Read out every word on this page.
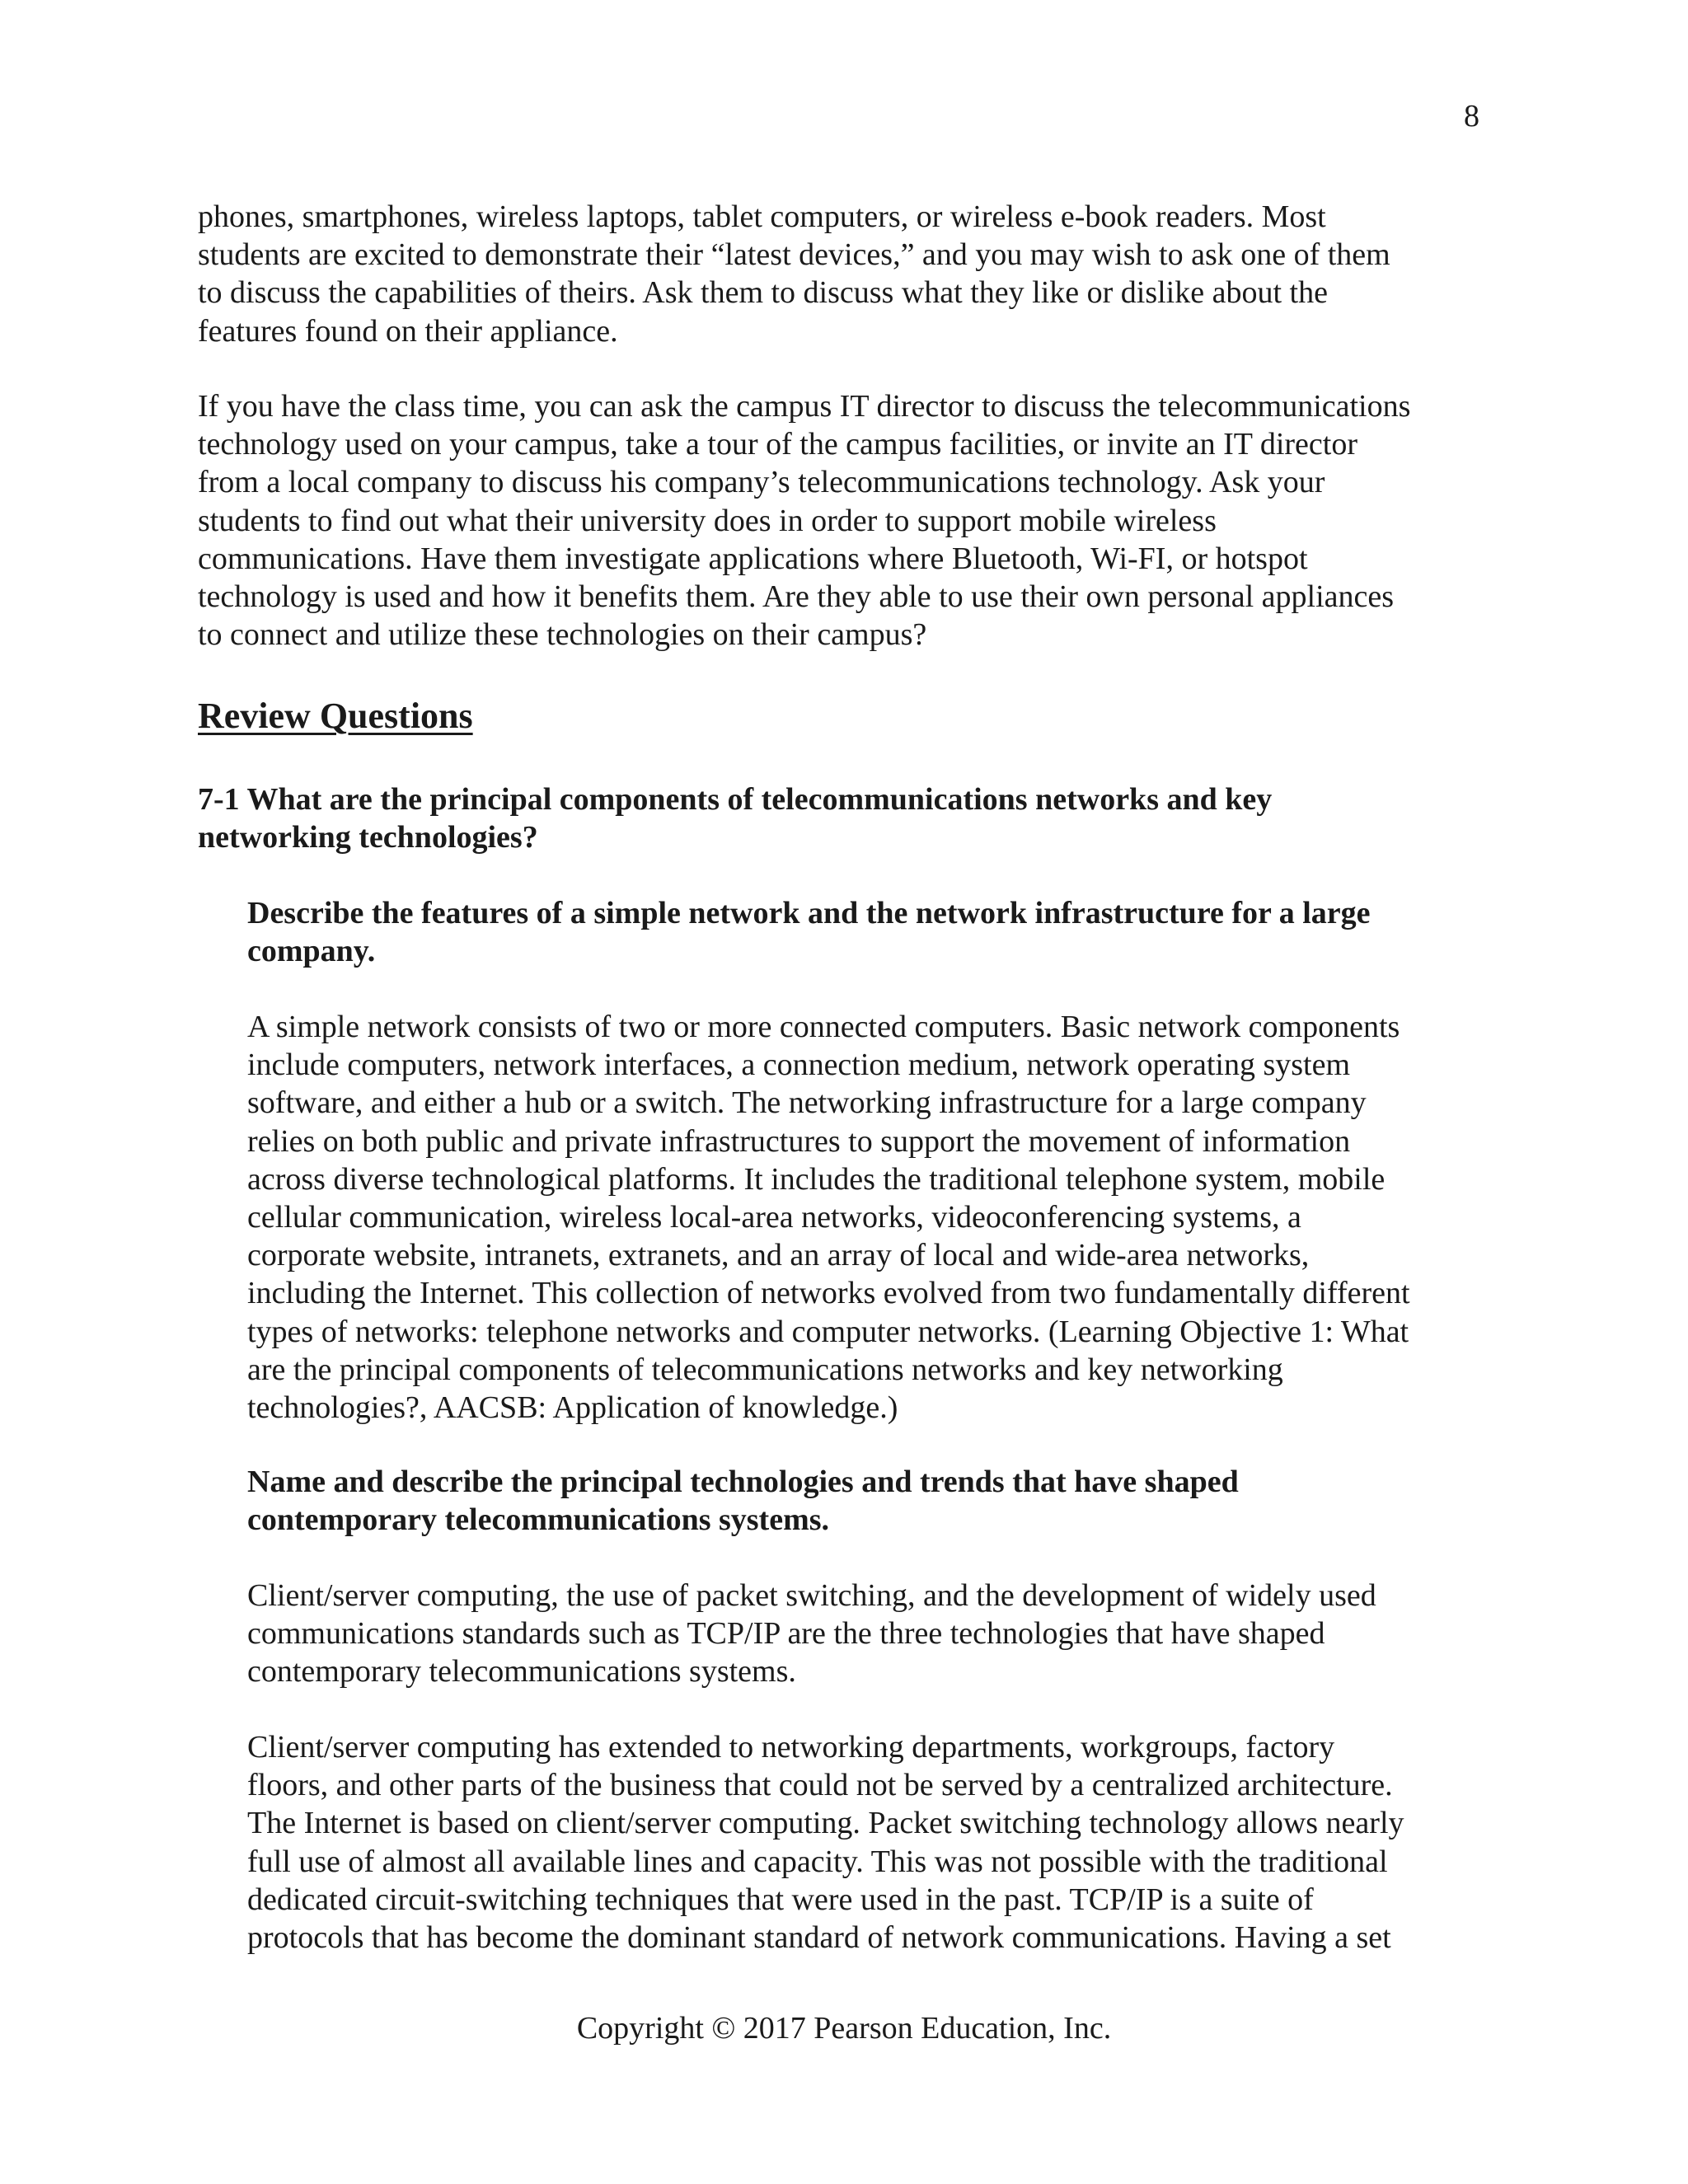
8

phones, smartphones, wireless laptops, tablet computers, or wireless e-book readers. Most
students are excited to demonstrate their “latest devices,” and you may wish to ask one of them
to discuss the capabilities of theirs. Ask them to discuss what they like or dislike about the
features found on their appliance.

If you have the class time, you can ask the campus IT director to discuss the telecommunications
technology used on your campus, take a tour of the campus facilities, or invite an IT director
from a local company to discuss his company’s telecommunications technology. Ask your
students to find out what their university does in order to support mobile wireless
communications. Have them investigate applications where Bluetooth, Wi-FI, or hotspot
technology is used and how it benefits them. Are they able to use their own personal appliances
to connect and utilize these technologies on their campus?

Review Questions

7-1 What are the principal components of telecommunications networks and key
networking technologies?

Describe the features of a simple network and the network infrastructure for a large
company.

A simple network consists of two or more connected computers. Basic network components
include computers, network interfaces, a connection medium, network operating system
software, and either a hub or a switch. The networking infrastructure for a large company
relies on both public and private infrastructures to support the movement of information
across diverse technological platforms. It includes the traditional telephone system, mobile
cellular communication, wireless local-area networks, videoconferencing systems, a
corporate website, intranets, extranets, and an array of local and wide-area networks,
including the Internet. This collection of networks evolved from two fundamentally different
types of networks: telephone networks and computer networks. (Learning Objective 1: What
are the principal components of telecommunications networks and key networking
technologies?, AACSB: Application of knowledge.)

Name and describe the principal technologies and trends that have shaped
contemporary telecommunications systems.

Client/server computing, the use of packet switching, and the development of widely used
communications standards such as TCP/IP are the three technologies that have shaped
contemporary telecommunications systems.

Client/server computing has extended to networking departments, workgroups, factory
floors, and other parts of the business that could not be served by a centralized architecture.
The Internet is based on client/server computing. Packet switching technology allows nearly
full use of almost all available lines and capacity. This was not possible with the traditional
dedicated circuit-switching techniques that were used in the past. TCP/IP is a suite of
protocols that has become the dominant standard of network communications. Having a set

Copyright © 2017 Pearson Education, Inc.
